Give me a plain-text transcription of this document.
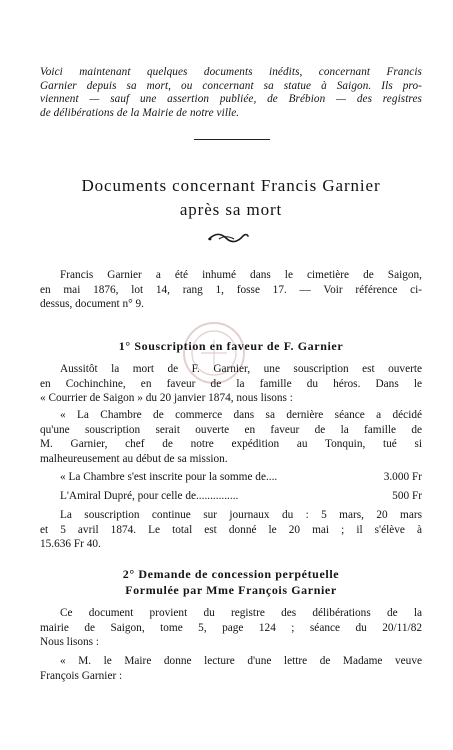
Voici maintenant quelques documents inédits, concernant Francis
Garnier depuis sa mort, ou concernant sa statue à Saigon. Ils pro-
viennent — sauf une assertion publiée, de Brébion — des registres
de délibérations de la Mairie de notre ville.
Documents concernant Francis Garnier
après sa mort
Francis Garnier a été inhumé dans le cimetière de Saigon,
en mai 1876, lot 14, rang 1, fosse 17. — Voir référence ci-
dessus, document n° 9.
1° Souscription en faveur de F. Garnier
Aussitôt la mort de F. Garnier, une souscription est ouverte
en Cochinchine, en faveur de la famille du héros. Dans le
« Courrier de Saigon » du 20 janvier 1874, nous lisons :
« La Chambre de commerce dans sa dernière séance a décidé
qu'une souscription serait ouverte en faveur de la famille de
M. Garnier, chef de notre expédition au Tonquin, tué si
malheureusement au début de sa mission.
« La Chambre s'est inscrite pour la somme de....	3.000 Fr
L'Amiral Dupré, pour celle de...............	500 Fr
La souscription continue sur journaux du : 5 mars, 20 mars
et 5 avril 1874. Le total est donné le 20 mai ; il s'élève à
15.636 Fr 40.
2° Demande de concession perpétuelle
Formulée par Mme François Garnier
Ce document provient du registre des délibérations de la
mairie de Saigon, tome 5, page 124 ; séance du 20/11/82
Nous lisons :
« M. le Maire donne lecture d'une lettre de Madame veuve
François Garnier :
